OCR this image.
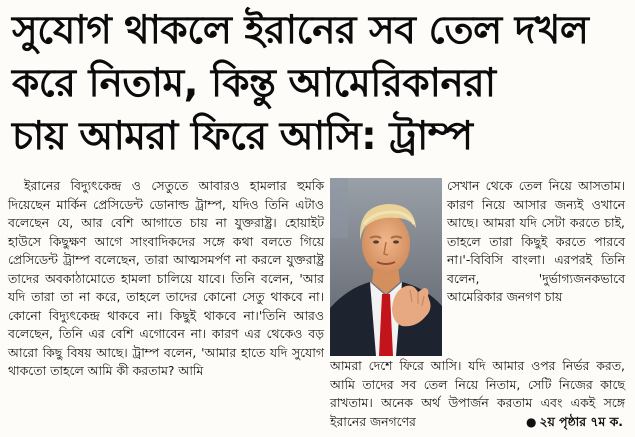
সুযোগ থাকলে ইরানের সব তেল দখল
করে নিতাম, কিন্তু আমেরিকানরা
চায় আমরা ফিরে আসি: ট্রাম্প

ইরানের বিদ্যুৎকেন্দ্র ও সেতুতে আবারও হামলার হুমকি দিয়েছেন মার্কিন প্রেসিডেন্ট ডোনাল্ড ট্রাম্প, যদিও তিনি এটাও বলেছেন যে, আর বেশি আগাতে চায় না যুক্তরাষ্ট্র। হোয়াইট হাউসে কিছুক্ষণ আগে সাংবাদিকদের সঙ্গে কথা বলতে গিয়ে প্রেসিডেন্ট ট্রাম্প বলেছেন, তারা আত্মসমর্পণ না করলে যুক্তরাষ্ট্র তাদের অবকাঠামোতে হামলা চালিয়ে যাবে। তিনি বলেন, 'আর যদি তারা তা না করে, তাহলে তাদের কোনো সেতু থাকবে না। কোনো বিদ্যুৎকেন্দ্র থাকবে না। কিছুই থাকবে না।'তিনি আরও বলেছেন, তিনি এর বেশি এগোবেন না। কারণ এর থেকেও বড় আরো কিছু বিষয় আছে। ট্রাম্প বলেন, 'আমার হাতে যদি সুযোগ থাকতো তাহলে আমি কী করতাম? আমি

সেখান থেকে তেল নিয়ে আসতাম। কারণ নিয়ে আসার জন্যই ওখানে আছে। আমরা যদি সেটা করতে চাই, তাহলে তারা কিছুই করতে পারবে না।'-বিবিসি বাংলা। এরপরই তিনি বলেন, 'দুর্ভাগ্যজনকভাবে আমেরিকার জনগণ চায়

আমরা দেশে ফিরে আসি। যদি আমার ওপর নির্ভর করত, আমি তাদের সব তেল নিয়ে নিতাম, সেটি নিজের কাছে রাখতাম। অনেক অর্থ উপার্জন করতাম এবং একই সঙ্গে ইরানের জনগণের	● ২য় পৃষ্ঠার ৭ম ক.
